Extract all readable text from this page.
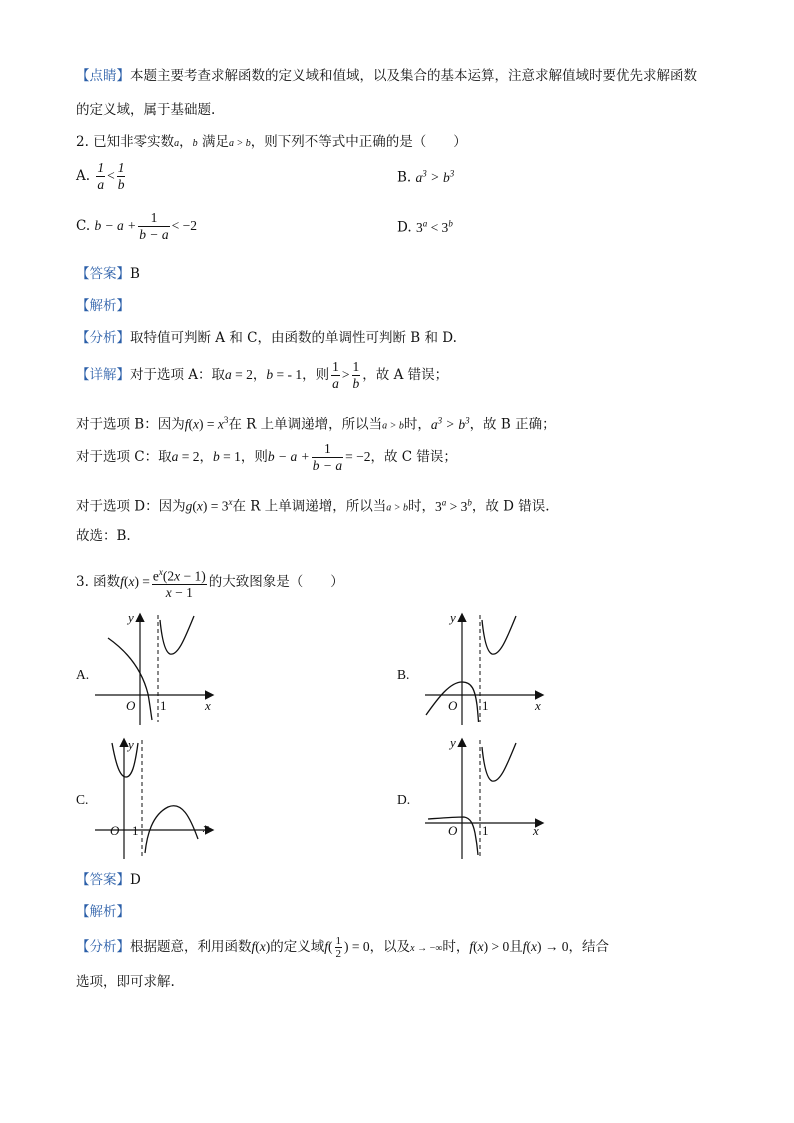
【点睛】本题主要考查求解函数的定义域和值域，以及集合的基本运算，注意求解值域时要优先求解函数
的定义域，属于基础题.
2. 已知非零实数a，b 满足a > b，则下列不等式中正确的是（　　）
A. $\frac{1}{a} < \frac{1}{b}$	B. $a^3 > b^3$
C. $b - a + \frac{1}{b - a} < -2$	D. $3^a < 3^b$
【答案】B
【解析】
【分析】取特值可判断 A 和 C，由函数的单调性可判断 B 和 D.
【详解】对于选项 A：取a = 2，b = - 1，则 $\frac{1}{a} > \frac{1}{b}$ ，故 A 错误；
对于选项 B：因为$f(x) = x^3$在 R 上单调递增，所以当a > b时，$a^3 > b^3$，故 B 正确；
对于选项 C：取a = 2，b = 1，则$b - a + \frac{1}{b - a} = -2$，故 C 错误；
对于选项 D：因为$g(x) = 3^x$在 R 上单调递增，所以当a > b时，$3^a > 3^b$，故 D 错误.
故选：B.
3. 函数$f(x) = \frac{e^x(2x - 1)}{x - 1}$ 的大致图象是（　　）
A.	B.
C.	D.
y
x
O 1
y
x
O 1
y
x
O 1
y
x
O 1
【答案】D
【解析】
【分析】根据题意，利用函数f(x)的定义域$f( \frac{1}{2}$ ) = 0，以及x → −∞时，f(x) > 0且f(x) → 0，结合
选项，即可求解.
